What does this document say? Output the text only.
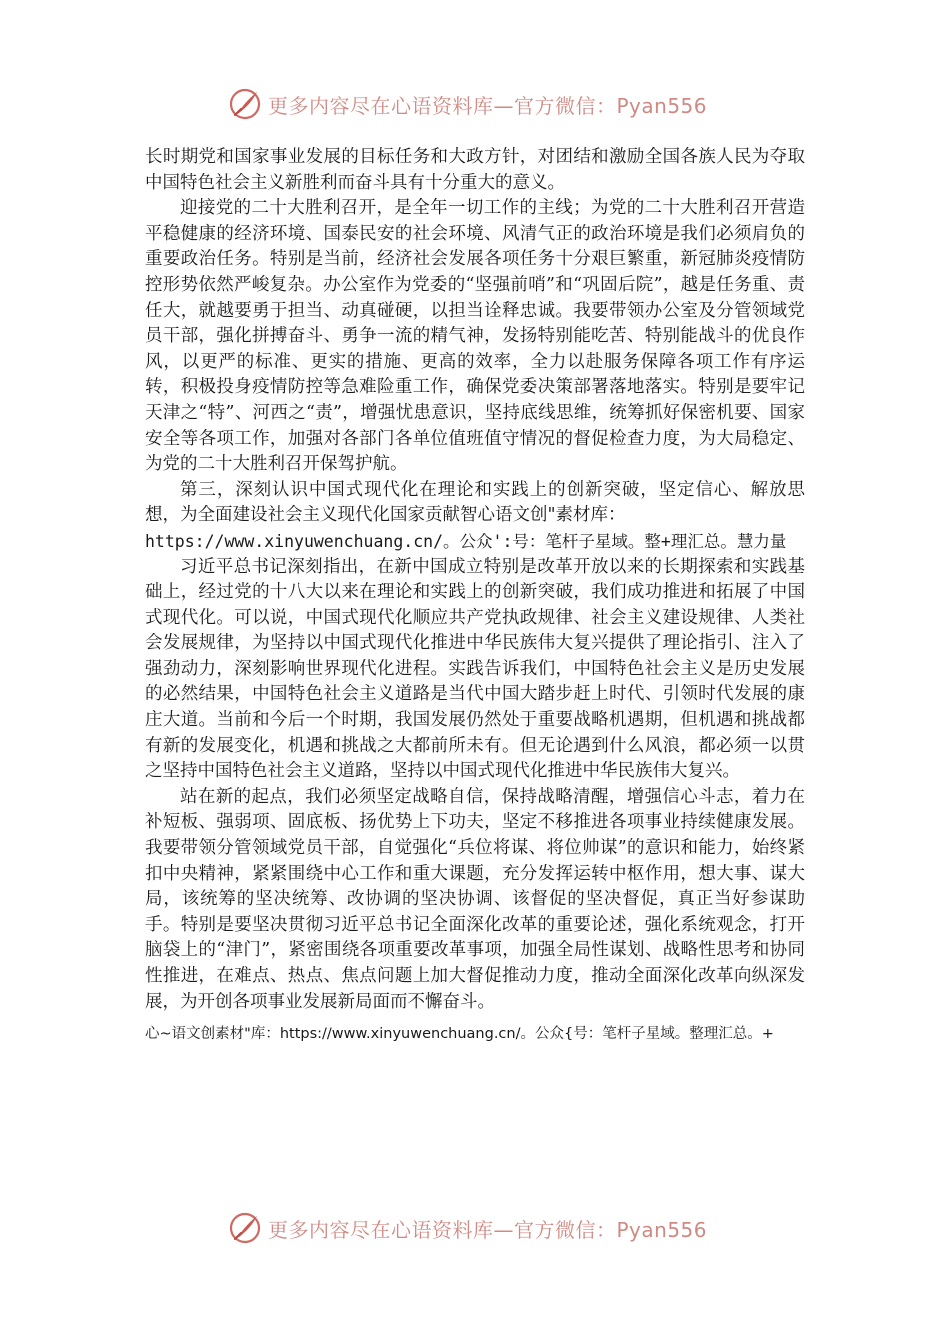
更多内容尽在心语资料库—官方微信：Pyan556

长时期党和国家事业发展的目标任务和大政方针，对团结和激励全国各族人民为夺取中国特色社会主义新胜利而奋斗具有十分重大的意义。

迎接党的二十大胜利召开，是全年一切工作的主线；为党的二十大胜利召开营造平稳健康的经济环境、国泰民安的社会环境、风清气正的政治环境是我们必须肩负的重要政治任务。特别是当前，经济社会发展各项任务十分艰巨繁重，新冠肺炎疫情防控形势依然严峻复杂。办公室作为党委的“坚强前哨”和“巩固后院”，越是任务重、责任大，就越要勇于担当、动真碰硬，以担当诠释忠诚。我要带领办公室及分管领域党员干部，强化拼搏奋斗、勇争一流的精气神，发扬特别能吃苦、特别能战斗的优良作风，以更严的标准、更实的措施、更高的效率，全力以赴服务保障各项工作有序运转，积极投身疫情防控等急难险重工作，确保党委决策部署落地落实。特别是要牢记天津之“特”、河西之“责”，增强忧患意识，坚持底线思维，统筹抓好保密机要、国家安全等各项工作，加强对各部门各单位值班值守情况的督促检查力度，为大局稳定、为党的二十大胜利召开保驾护航。

第三，深刻认识中国式现代化在理论和实践上的创新突破，坚定信心、解放思想，为全面建设社会主义现代化国家贡献智心语文创"素材库：

https://www.xinyuwenchuang.cn/。公众':号：笔杆子星域。整+理汇总。慧力量

习近平总书记深刻指出，在新中国成立特别是改革开放以来的长期探索和实践基础上，经过党的十八大以来在理论和实践上的创新突破，我们成功推进和拓展了中国式现代化。可以说，中国式现代化顺应共产党执政规律、社会主义建设规律、人类社会发展规律，为坚持以中国式现代化推进中华民族伟大复兴提供了理论指引、注入了强劲动力，深刻影响世界现代化进程。实践告诉我们，中国特色社会主义是历史发展的必然结果，中国特色社会主义道路是当代中国大踏步赶上时代、引领时代发展的康庄大道。当前和今后一个时期，我国发展仍然处于重要战略机遇期，但机遇和挑战都有新的发展变化，机遇和挑战之大都前所未有。但无论遇到什么风浪，都必须一以贯之坚持中国特色社会主义道路，坚持以中国式现代化推进中华民族伟大复兴。

站在新的起点，我们必须坚定战略自信，保持战略清醒，增强信心斗志，着力在补短板、强弱项、固底板、扬优势上下功夫，坚定不移推进各项事业持续健康发展。我要带领分管领域党员干部，自觉强化“兵位将谋、将位帅谋”的意识和能力，始终紧扣中央精神，紧紧围绕中心工作和重大课题，充分发挥运转中枢作用，想大事、谋大局，该统筹的坚决统筹、改协调的坚决协调、该督促的坚决督促，真正当好参谋助手。特别是要坚决贯彻习近平总书记全面深化改革的重要论述，强化系统观念，打开脑袋上的“津门”，紧密围绕各项重要改革事项，加强全局性谋划、战略性思考和协同性推进，在难点、热点、焦点问题上加大督促推动力度，推动全面深化改革向纵深发展，为开创各项事业发展新局面而不懈奋斗。

心~语文创素材"库：https://www.xinyuwenchuang.cn/。公众{号：笔杆子星域。整理汇总。+

更多内容尽在心语资料库—官方微信：Pyan556
